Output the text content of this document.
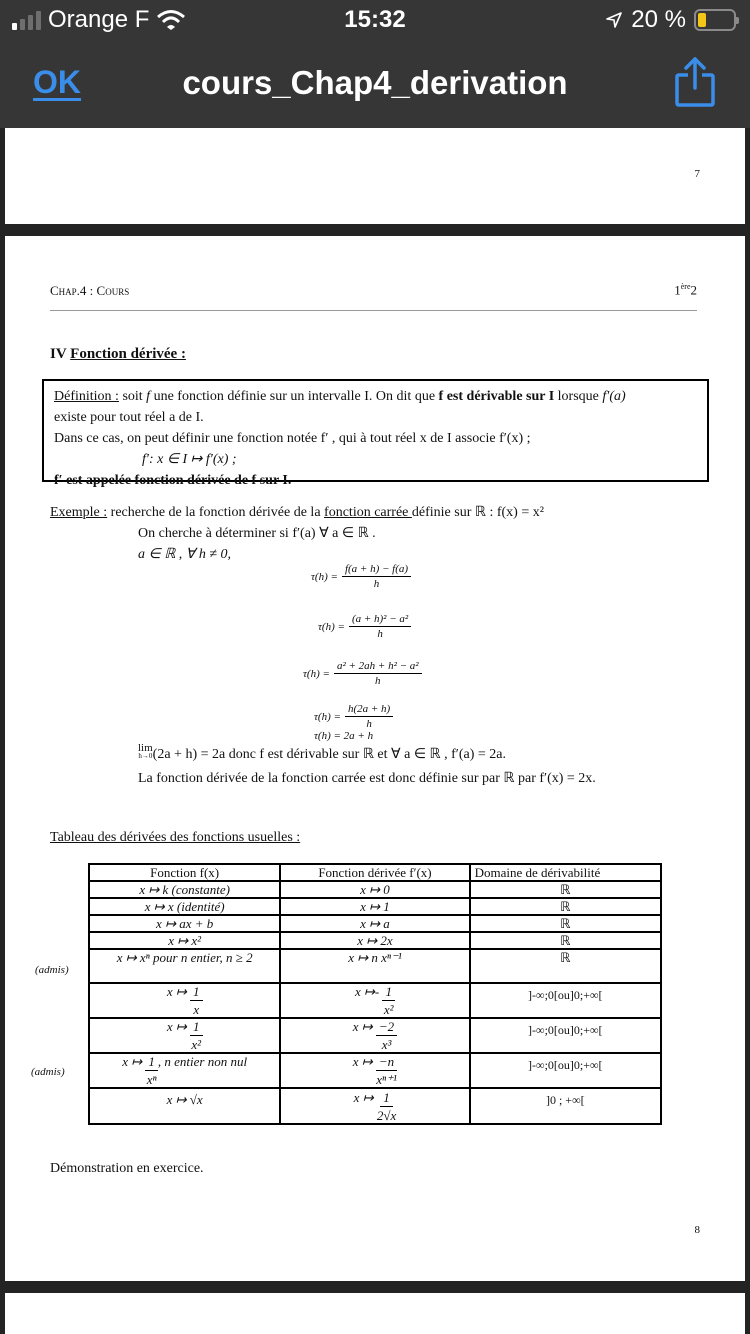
Orange F	15:32	20 %
OK	cours_Chap4_derivation
7
Chap.4 : Cours	1ère2
IV Fonction dérivée :
Définition : soit f une fonction définie sur un intervalle I. On dit que f est dérivable sur I lorsque f′(a)
existe pour tout réel a de I.
Dans ce cas, on peut définir une fonction notée f′ , qui à tout réel x de I associe f′(x) ;
f′: x ∈ I ↦ f′(x) ;
f′ est appelée fonction dérivée de f sur I.
Exemple : recherche de la fonction dérivée de la fonction carrée définie sur ℝ : f(x) = x²
On cherche à déterminer si f′(a) ∀ a ∈ ℝ .
a ∈ ℝ , ∀ h ≠ 0,
$\tau(h) = \frac{f(a + h) - f(a)}{h}$
$\tau(h) = \frac{\text{(a + h)² − a²}}{h}$
$\tau(h) = \frac{\text{a² + 2ah + h² − a²}}{h}$
$\tau(h) = \frac{h(2a + h)}{h}$
τ(h) = 2a + h
lim
h→0 (2a + h) = 2a donc f est dérivable sur ℝ et ∀ a ∈ ℝ , f′(a) = 2a.
La fonction dérivée de la fonction carrée est donc définie sur par ℝ par f′(x) = 2x.
Tableau des dérivées des fonctions usuelles :
(admis)
(admis)
Fonction f(x)	Fonction dérivée f′(x)	Domaine de dérivabilité
x ↦ k (constante)	x ↦ 0	ℝ
x ↦ x (identité)	x ↦ 1	ℝ
x ↦ ax + b	x ↦ a	ℝ
x ↦ x²	x ↦ 2x	ℝ
x ↦ xⁿ pour n entier, n ≥ 2	x ↦ n xⁿ⁻¹	ℝ
x ↦ $\frac{1}{x}$	x ↦- $\frac{1}{\text{x²}}$	]-∞;0[ou]0;+∞[
x ↦ $\frac{1}{\text{x²}}$	x ↦ $\frac{-2}{\text{x³}}$	]-∞;0[ou]0;+∞[
x ↦ $\frac{1}{\text{xⁿ}}$ , n entier non nul	x ↦ $\frac{-n}{\text{xⁿ⁺¹}}$	]-∞;0[ou]0;+∞[
x ↦ √x	x ↦ $\frac{1}{2√x}$	]0 ; +∞[
Démonstration en exercice.
8
